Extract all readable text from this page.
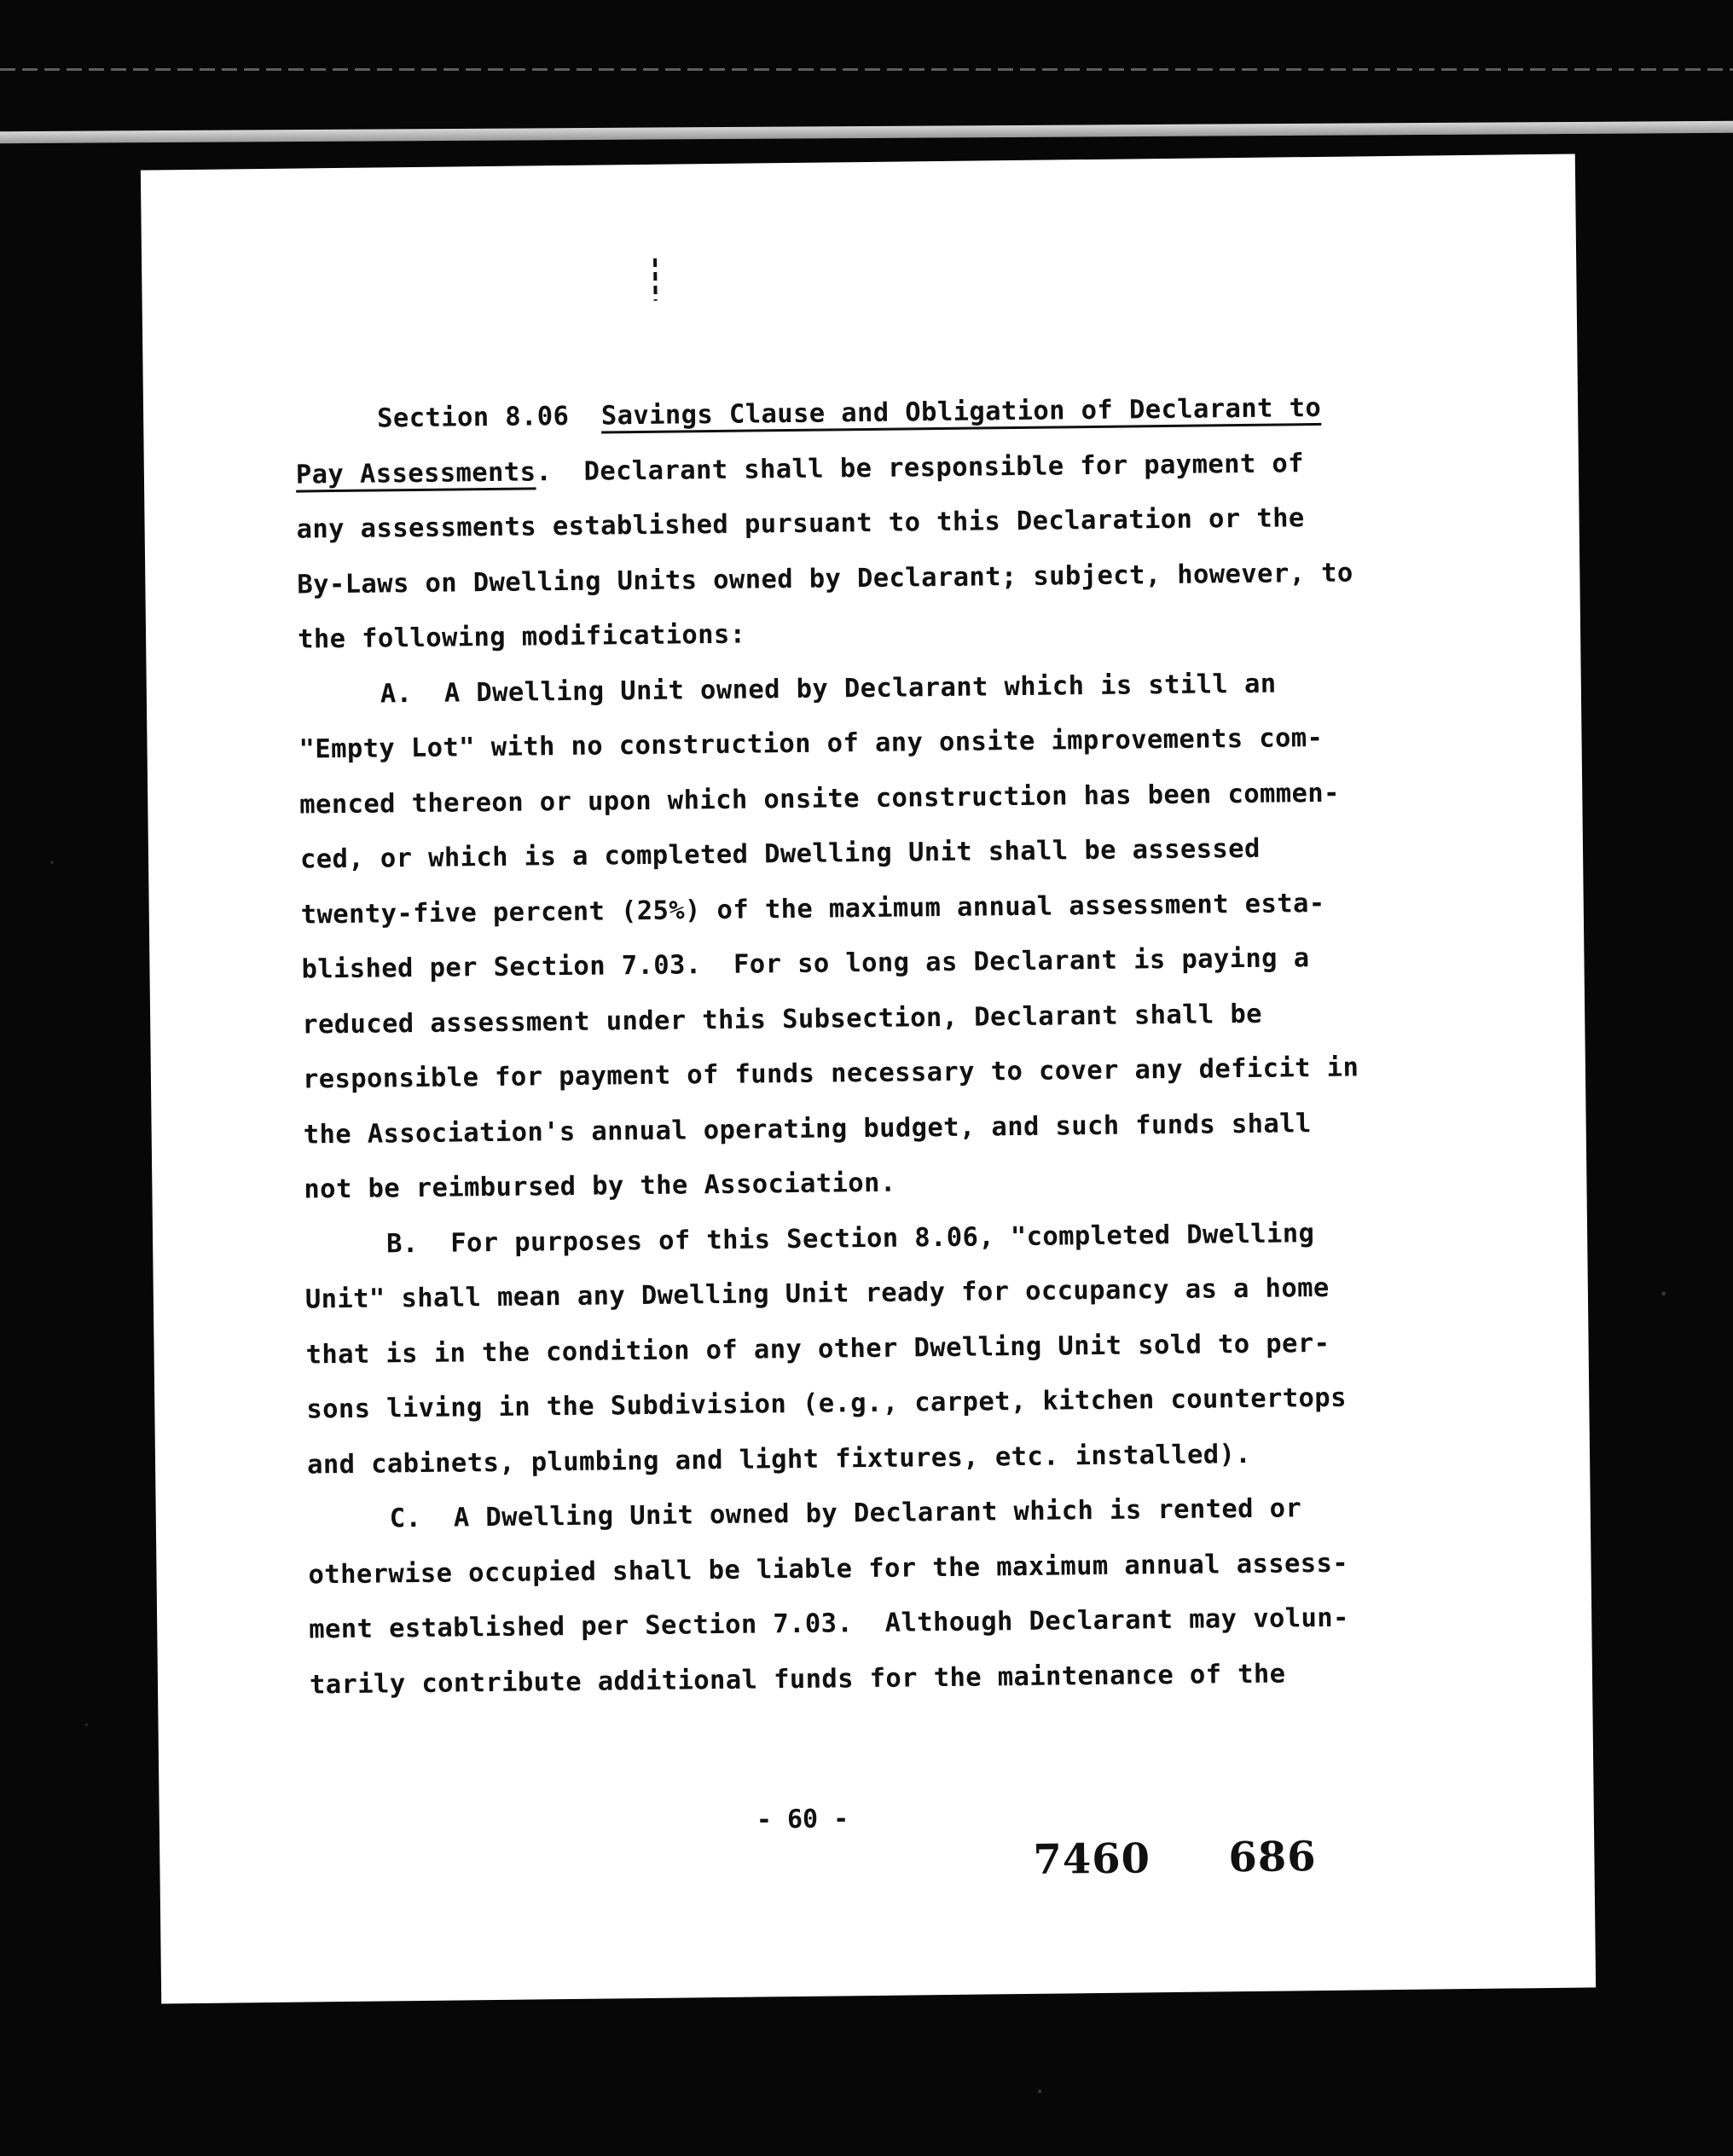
Section 8.06 Savings Clause and Obligation of Declarant to
Pay Assessments.  Declarant shall be responsible for payment of
any assessments established pursuant to this Declaration or the
By-Laws on Dwelling Units owned by Declarant; subject, however, to
the following modifications:
A.  A Dwelling Unit owned by Declarant which is still an
"Empty Lot" with no construction of any onsite improvements com-
menced thereon or upon which onsite construction has been commen-
ced, or which is a completed Dwelling Unit shall be assessed
twenty-five percent (25%) of the maximum annual assessment esta-
blished per Section 7.03.  For so long as Declarant is paying a
reduced assessment under this Subsection, Declarant shall be
responsible for payment of funds necessary to cover any deficit in
the Association's annual operating budget, and such funds shall
not be reimbursed by the Association.
B.  For purposes of this Section 8.06, "completed Dwelling
Unit" shall mean any Dwelling Unit ready for occupancy as a home
that is in the condition of any other Dwelling Unit sold to per-
sons living in the Subdivision (e.g., carpet, kitchen countertops
and cabinets, plumbing and light fixtures, etc. installed).
C.  A Dwelling Unit owned by Declarant which is rented or
otherwise occupied shall be liable for the maximum annual assess-
ment established per Section 7.03.  Although Declarant may volun-
tarily contribute additional funds for the maintenance of the
- 60 -
7460 686
